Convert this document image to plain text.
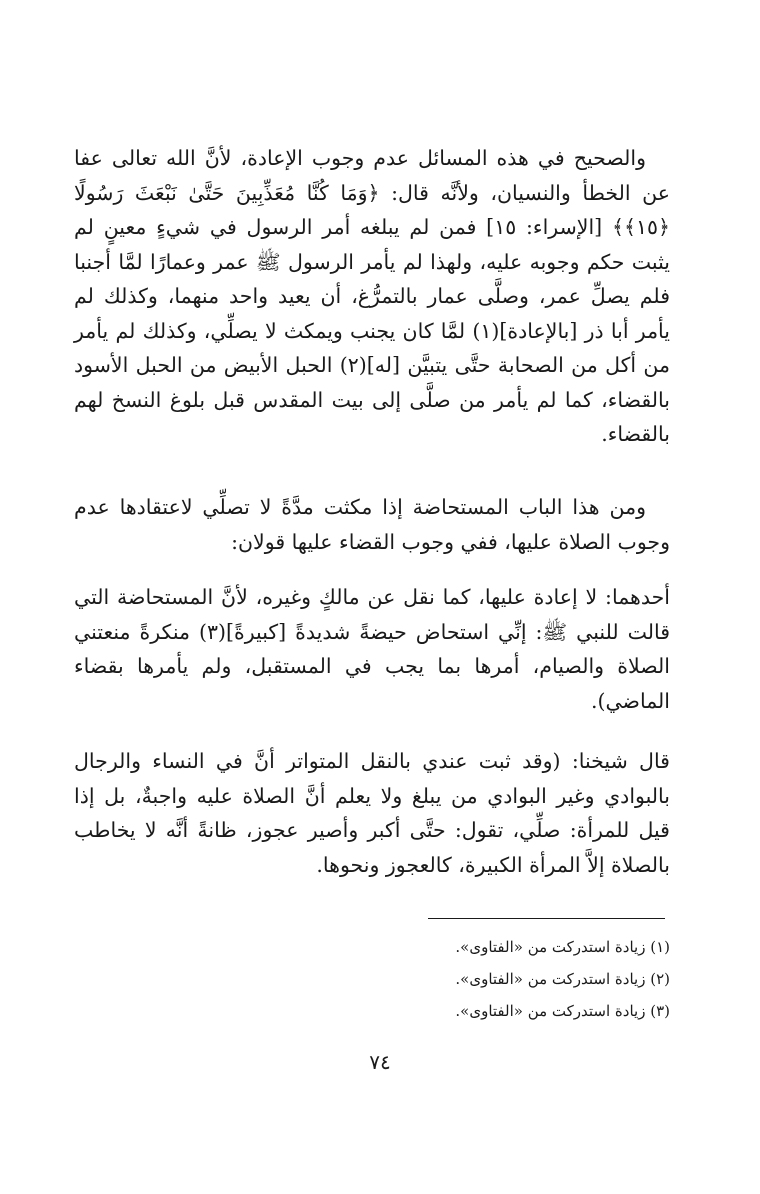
والصحيح في هذه المسائل عدم وجوب الإعادة، لأنَّ الله تعالى عفا عن الخطأ والنسيان، ولأنَّه قال: ﴿وَمَا كُنَّا مُعَذِّبِينَ حَتَّىٰ نَبْعَثَ رَسُولًا ﴿١٥﴾﴾ [الإسراء: ١٥] فمن لم يبلغه أمر الرسول في شيءٍ معينٍ لم يثبت حكم وجوبه عليه، ولهذا لم يأمر الرسول ﷺ عمر وعمارًا لمَّا أجنبا فلم يصلِّ عمر، وصلَّى عمار بالتمرُّغ، أن يعيد واحد منهما، وكذلك لم يأمر أبا ذر [بالإعادة](١) لمَّا كان يجنب ويمكث لا يصلِّي، وكذلك لم يأمر من أكل من الصحابة حتَّى يتبيَّن [له](٢) الحبل الأبيض من الحبل الأسود بالقضاء، كما لم يأمر من صلَّى إلى بيت المقدس قبل بلوغ النسخ لهم بالقضاء.

ومن هذا الباب المستحاضة إذا مكثت مدَّةً لا تصلِّي لاعتقادها عدم وجوب الصلاة عليها، ففي وجوب القضاء عليها قولان:

أحدهما: لا إعادة عليها، كما نقل عن مالكٍ وغيره، لأنَّ المستحاضة التي قالت للنبي ﷺ: إنِّي استحاض حيضةً شديدةً [كبيرةً](٣) منكرةً منعتني الصلاة والصيام، أمرها بما يجب في المستقبل، ولم يأمرها بقضاء الماضي).

قال شيخنا: (وقد ثبت عندي بالنقل المتواتر أنَّ في النساء والرجال بالبوادي وغير البوادي من يبلغ ولا يعلم أنَّ الصلاة عليه واجبةٌ، بل إذا قيل للمرأة: صلِّي، تقول: حتَّى أكبر وأصير عجوز، ظانةً أنَّه لا يخاطب بالصلاة إلاَّ المرأة الكبيرة، كالعجوز ونحوها.

(١) زيادة استدركت من «الفتاوى».

(٢) زيادة استدركت من «الفتاوى».

(٣) زيادة استدركت من «الفتاوى».

٧٤
